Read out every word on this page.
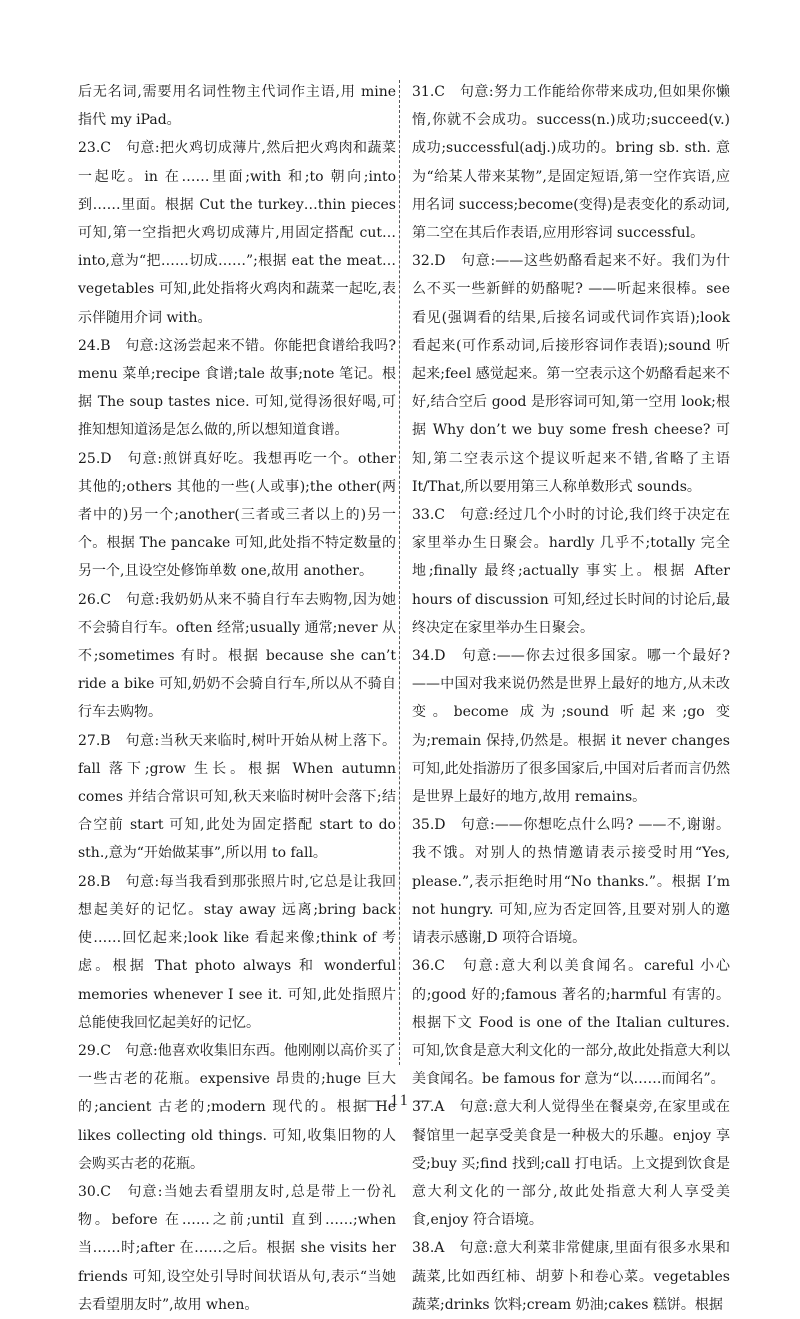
后无名词,需要用名词性物主代词作主语,用 mine 指代 my iPad。

23.C　句意:把火鸡切成薄片,然后把火鸡肉和蔬菜一起吃。in 在……里面;with 和;to 朝向;into 到……里面。根据 Cut the turkey…thin pieces 可知,第一空指把火鸡切成薄片,用固定搭配 cut…into,意为“把……切成……”;根据 eat the meat…vegetables 可知,此处指将火鸡肉和蔬菜一起吃,表示伴随用介词 with。

24.B　句意:这汤尝起来不错。你能把食谱给我吗? menu 菜单;recipe 食谱;tale 故事;note 笔记。根据 The soup tastes nice. 可知,觉得汤很好喝,可推知想知道汤是怎么做的,所以想知道食谱。

25.D　句意:煎饼真好吃。我想再吃一个。other 其他的;others 其他的一些(人或事);the other(两者中的)另一个;another(三者或三者以上的)另一个。根据 The pancake 可知,此处指不特定数量的另一个,且设空处修饰单数 one,故用 another。

26.C　句意:我奶奶从来不骑自行车去购物,因为她不会骑自行车。often 经常;usually 通常;never 从不;sometimes 有时。根据 because she can’t ride a bike 可知,奶奶不会骑自行车,所以从不骑自行车去购物。

27.B　句意:当秋天来临时,树叶开始从树上落下。fall 落下;grow 生长。根据 When autumn comes 并结合常识可知,秋天来临时树叶会落下;结合空前 start 可知,此处为固定搭配 start to do sth.,意为“开始做某事”,所以用 to fall。

28.B　句意:每当我看到那张照片时,它总是让我回想起美好的记忆。stay away 远离;bring back 使……回忆起来;look like 看起来像;think of 考虑。根据 That photo always 和 wonderful memories whenever I see it. 可知,此处指照片总能使我回忆起美好的记忆。

29.C　句意:他喜欢收集旧东西。他刚刚以高价买了一些古老的花瓶。expensive 昂贵的;huge 巨大的;ancient 古老的;modern 现代的。根据 He likes collecting old things. 可知,收集旧物的人会购买古老的花瓶。

30.C　句意:当她去看望朋友时,总是带上一份礼物。before 在……之前;until 直到……;when 当……时;after 在……之后。根据 she visits her friends 可知,设空处引导时间状语从句,表示“当她去看望朋友时”,故用 when。

31.C　句意:努力工作能给你带来成功,但如果你懒惰,你就不会成功。success(n.)成功;succeed(v.)成功;successful(adj.)成功的。bring sb. sth. 意为“给某人带来某物”,是固定短语,第一空作宾语,应用名词 success;become(变得)是表变化的系动词,第二空在其后作表语,应用形容词 successful。

32.D　句意:——这些奶酪看起来不好。我们为什么不买一些新鲜的奶酪呢? ——听起来很棒。see 看见(强调看的结果,后接名词或代词作宾语);look 看起来(可作系动词,后接形容词作表语);sound 听起来;feel 感觉起来。第一空表示这个奶酪看起来不好,结合空后 good 是形容词可知,第一空用 look;根据 Why don’t we buy some fresh cheese? 可知,第二空表示这个提议听起来不错,省略了主语 It/That,所以要用第三人称单数形式 sounds。

33.C　句意:经过几个小时的讨论,我们终于决定在家里举办生日聚会。hardly 几乎不;totally 完全地;finally 最终;actually 事实上。根据 After hours of discussion 可知,经过长时间的讨论后,最终决定在家里举办生日聚会。

34.D　句意:——你去过很多国家。哪一个最好? ——中国对我来说仍然是世界上最好的地方,从未改变。become 成为;sound 听起来;go 变为;remain 保持,仍然是。根据 it never changes 可知,此处指游历了很多国家后,中国对后者而言仍然是世界上最好的地方,故用 remains。

35.D　句意:——你想吃点什么吗? ——不,谢谢。我不饿。对别人的热情邀请表示接受时用“Yes, please.”,表示拒绝时用“No thanks.”。根据 I’m not hungry. 可知,应为否定回答,且要对别人的邀请表示感谢,D 项符合语境。

36.C　句意:意大利以美食闻名。careful 小心的;good 好的;famous 著名的;harmful 有害的。根据下文 Food is one of the Italian cultures. 可知,饮食是意大利文化的一部分,故此处指意大利以美食闻名。be famous for 意为“以……而闻名”。

37.A　句意:意大利人觉得坐在餐桌旁,在家里或在餐馆里一起享受美食是一种极大的乐趣。enjoy 享受;buy 买;find 找到;call 打电话。上文提到饮食是意大利文化的一部分,故此处指意大利人享受美食,enjoy 符合语境。

38.A　句意:意大利菜非常健康,里面有很多水果和蔬菜,比如西红柿、胡萝卜和卷心菜。vegetables 蔬菜;drinks 饮料;cream 奶油;cakes 糕饼。根据

— 11 —
